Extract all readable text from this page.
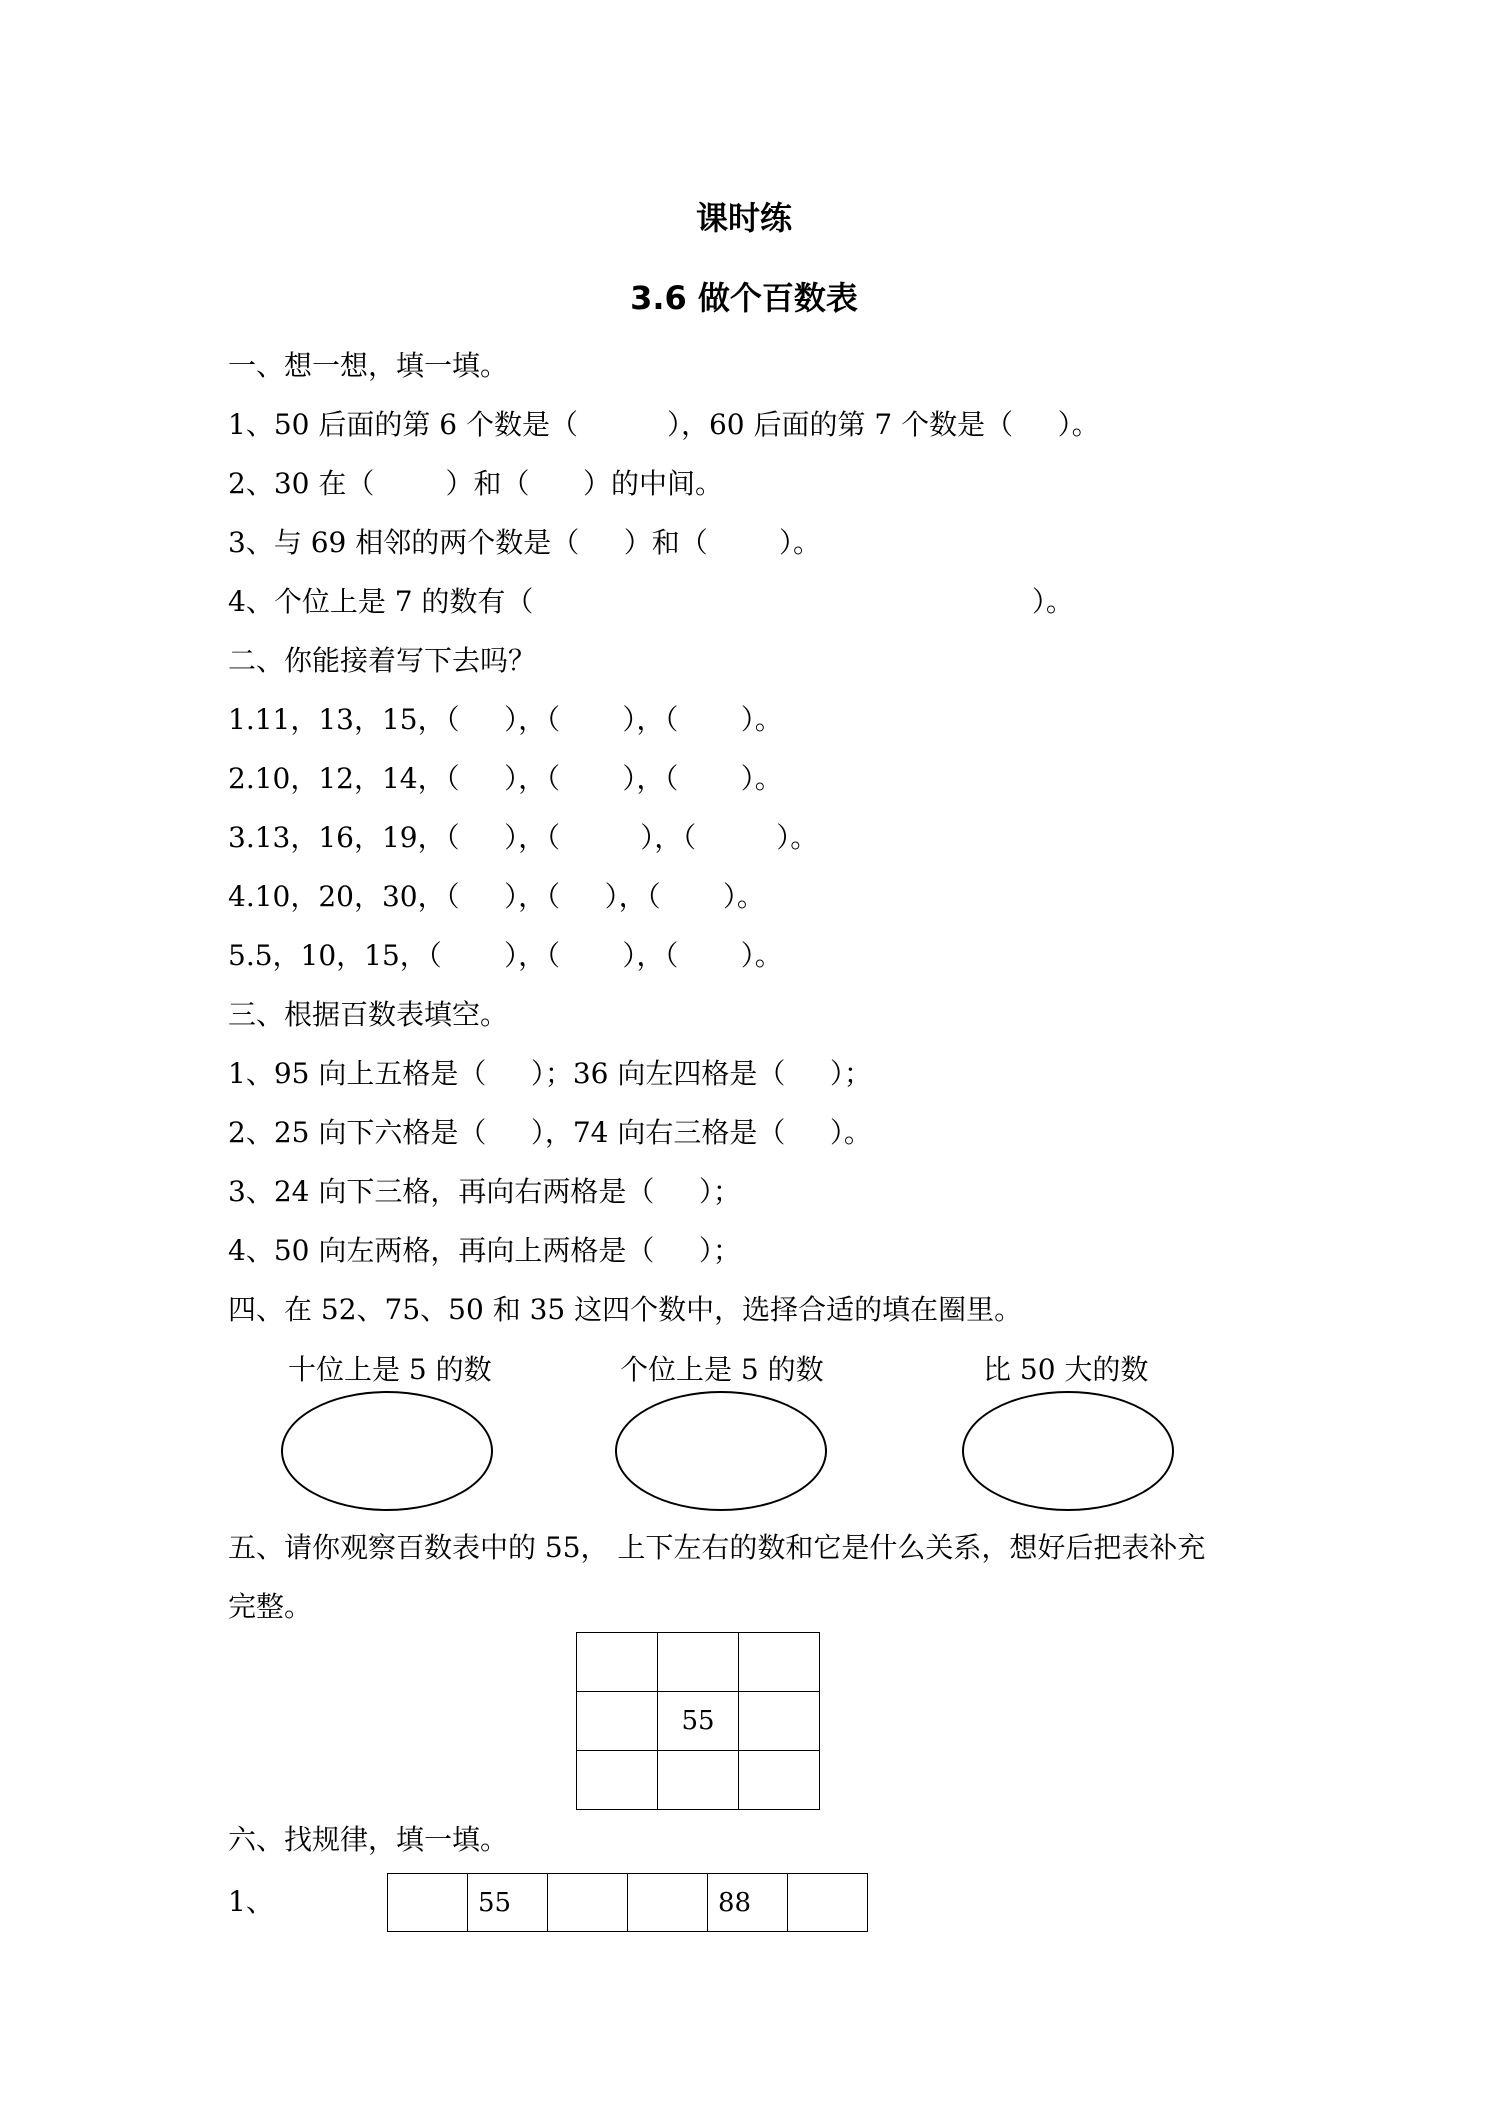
课时练
3.6 做个百数表
一、想一想，填一填。
1、50 后面的第 6 个数是（          ），60 后面的第 7 个数是（     ）。
2、30 在（        ）和（      ）的中间。
3、与 69 相邻的两个数是（     ）和（        ）。
4、个位上是 7 的数有（                                                        ）。
二、你能接着写下去吗？
1.11，13，15，（     ），（       ），（       ）。
2.10，12，14，（     ），（       ），（       ）。
3.13，16，19，（     ），（         ），（         ）。
4.10，20，30，（     ），（     ），（       ）。
5.5，10，15，（       ），（       ），（       ）。
三、根据百数表填空。
1、95 向上五格是（     ）；36 向左四格是（     ）；
2、25 向下六格是（     ），74 向右三格是（     ）。
3、24 向下三格，再向右两格是（     ）；
4、50 向左两格，再向上两格是（     ）；
四、在 52、75、50 和 35 这四个数中，选择合适的填在圈里。
十位上是 5 的数	个位上是 5 的数	比 50 大的数
五、请你观察百数表中的 55， 上下左右的数和它是什么关系，想好后把表补充
完整。

	55	

六、找规律，填一填。
1、
		55			88	
